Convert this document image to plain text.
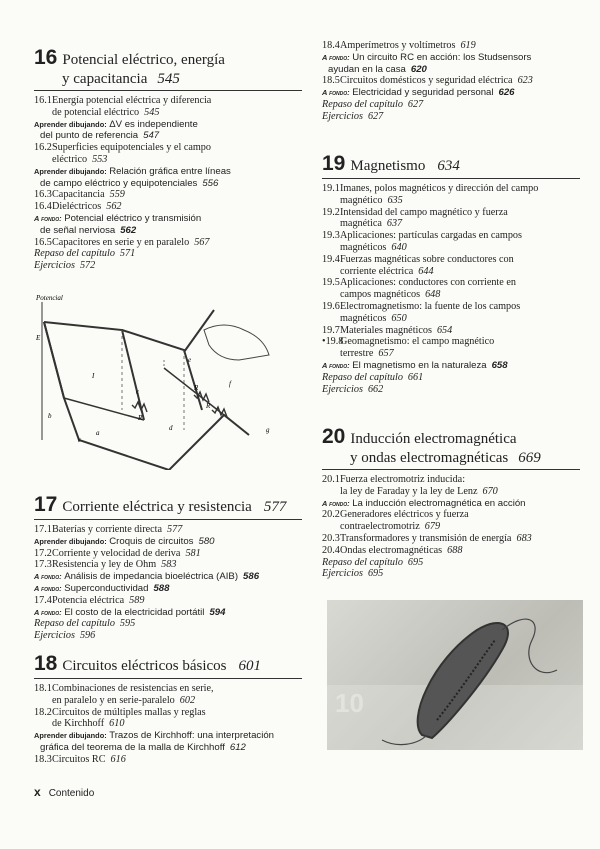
16 Potencial eléctrico, energía
y capacitancia 545
16.1Energía potencial eléctrica y diferencia
de potencial eléctrico 545
Aprender dibujando: ΔV es independiente
del punto de referencia 547
16.2Superficies equipotenciales y el campo
eléctrico 553
Aprender dibujando: Relación gráfica entre líneas
de campo eléctrico y equipotenciales 556
16.3Capacitancia 559
16.4Dieléctricos 562
A fondo: Potencial eléctrico y transmisión
de señal nerviosa 562
16.5Capacitores en serie y en paralelo 567
Repaso del capítulo 571
Ejercicios 572
Potencial
E
I
b
a
c
d
R
R
R
f
g
e
ε
17 Corriente eléctrica y resistencia 577
17.1Baterías y corriente directa 577
Aprender dibujando: Croquis de circuitos 580
17.2Corriente y velocidad de deriva 581
17.3Resistencia y ley de Ohm 583
A fondo: Análisis de impedancia bioeléctrica (AIB) 586
A fondo: Superconductividad 588
17.4Potencia eléctrica 589
A fondo: El costo de la electricidad portátil 594
Repaso del capítulo 595
Ejercicios 596
18 Circuitos eléctricos básicos 601
18.1Combinaciones de resistencias en serie,
en paralelo y en serie-paralelo 602
18.2Circuitos de múltiples mallas y reglas
de Kirchhoff 610
Aprender dibujando: Trazos de Kirchhoff: una interpretación
gráfica del teorema de la malla de Kirchhoff 612
18.3Circuitos RC 616
18.4Amperímetros y voltímetros 619
A fondo: Un circuito RC en acción: los Studsensors
ayudan en la casa 620
18.5Circuitos domésticos y seguridad eléctrica 623
A fondo: Electricidad y seguridad personal 626
Repaso del capítulo 627
Ejercicios 627
19 Magnetismo 634
19.1Imanes, polos magnéticos y dirección del campo
magnético 635
19.2Intensidad del campo magnético y fuerza
magnética 637
19.3Aplicaciones: partículas cargadas en campos
magnéticos 640
19.4Fuerzas magnéticas sobre conductores con
corriente eléctrica 644
19.5Aplicaciones: conductores con corriente en
campos magnéticos 648
19.6Electromagnetismo: la fuente de los campos
magnéticos 650
19.7Materiales magnéticos 654
•19.8Geomagnetismo: el campo magnético
terrestre 657
A fondo: El magnetismo en la naturaleza 658
Repaso del capítulo 661
Ejercicios 662
20 Inducción electromagnética
y ondas electromagnéticas 669
20.1Fuerza electromotriz inducida:
la ley de Faraday y la ley de Lenz 670
A fondo: La inducción electromagnética en acción
20.2Generadores eléctricos y fuerza
contraelectromotriz 679
20.3Transformadores y transmisión de energía 683
20.4Ondas electromagnéticas 688
Repaso del capítulo 695
Ejercicios 695
10
x Contenido
